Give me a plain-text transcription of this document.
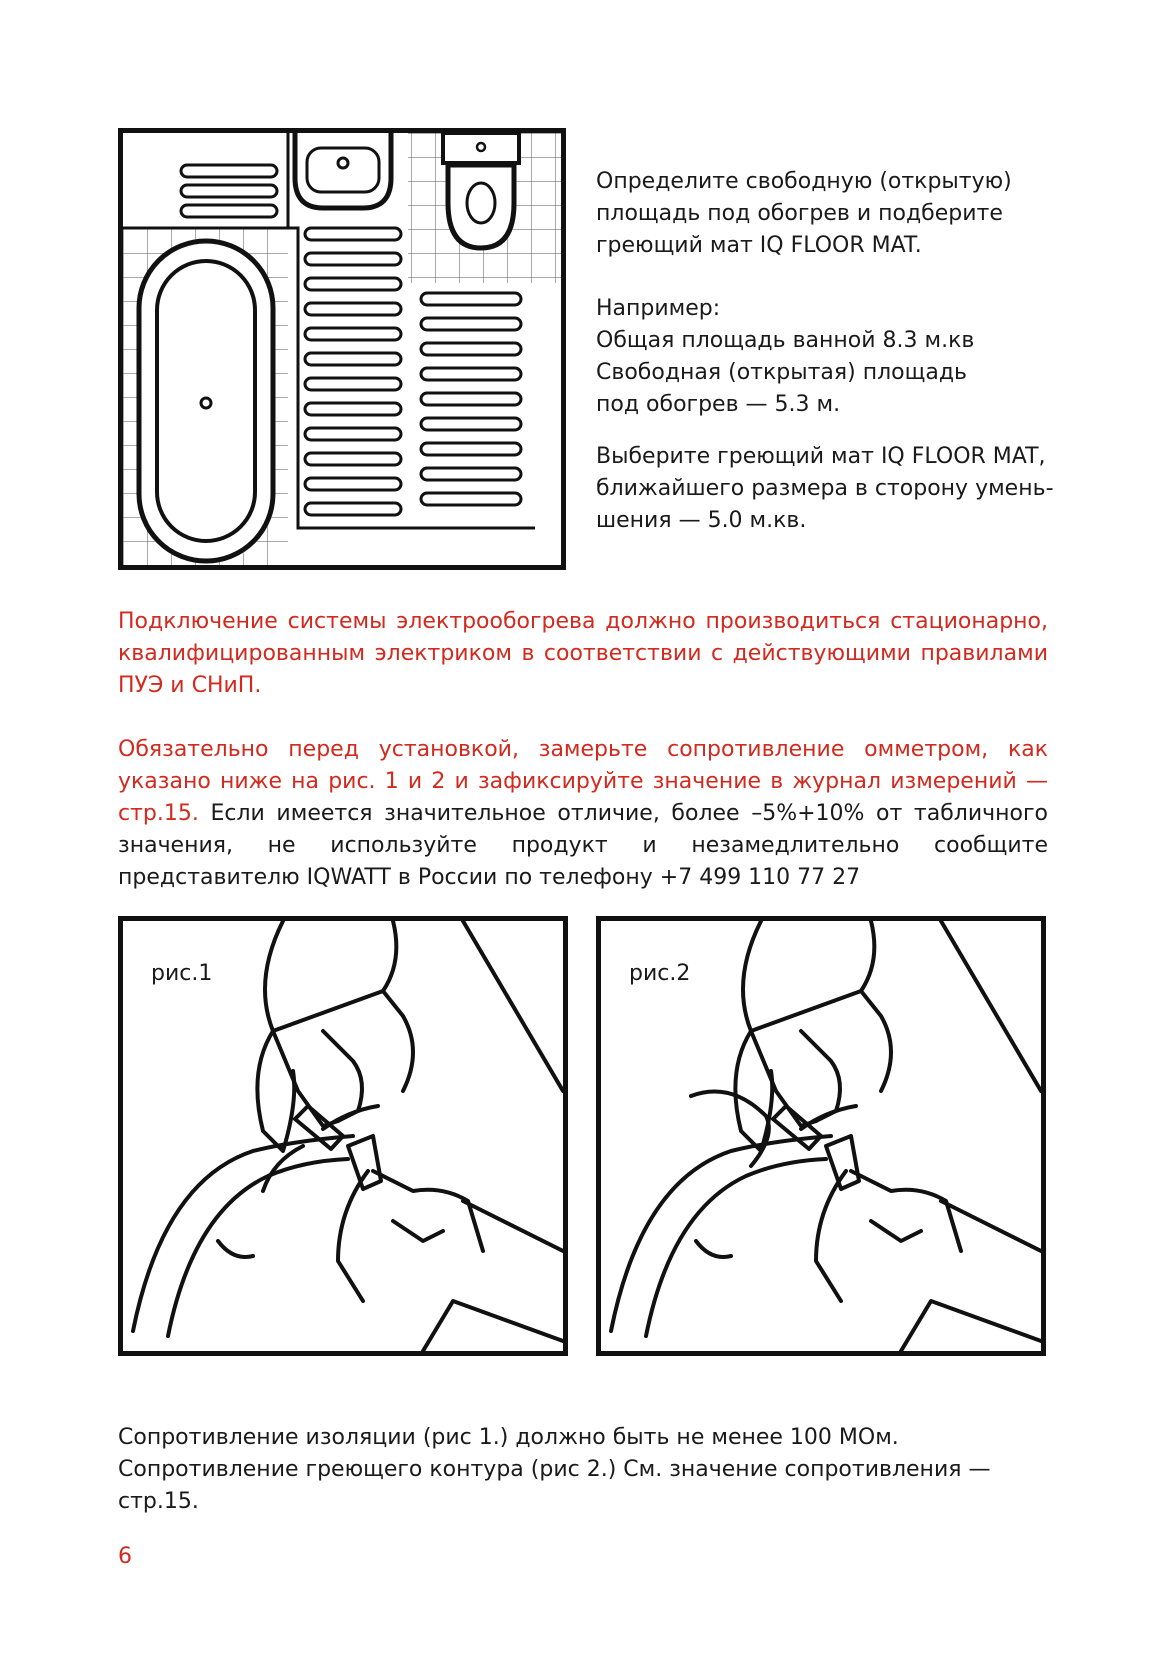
Определите свободную (открытую)
площадь под обогрев и подберите
греющий мат IQ FLOOR MAT.
Например:
Общая площадь ванной 8.3 м.кв
Свободная (открытая) площадь
под обогрев — 5.3 м.
Выберите греющий мат IQ FLOOR MAT,
ближайшего размера в сторону умень-
шения — 5.0 м.кв.
Подключение системы электрообогрева должно производиться стационарно, квалифицированным электриком в соответствии с действующими правилами ПУЭ и СНиП.
Обязательно перед установкой, замерьте сопротивление омметром, как указано ниже на рис. 1 и 2 и зафиксируйте значение в журнал измерений — стр.15. Если имеется значительное отличие, более –5%+10% от табличного значения, не используйте продукт и незамедлительно сообщите представителю IQWATT в России по телефону +7 499 110 77 27
рис.1	рис.2
Сопротивление изоляции (рис 1.) должно быть не менее 100 МОм.
Сопротивление греющего контура (рис 2.) См. значение сопротивления — стр.15.
6
